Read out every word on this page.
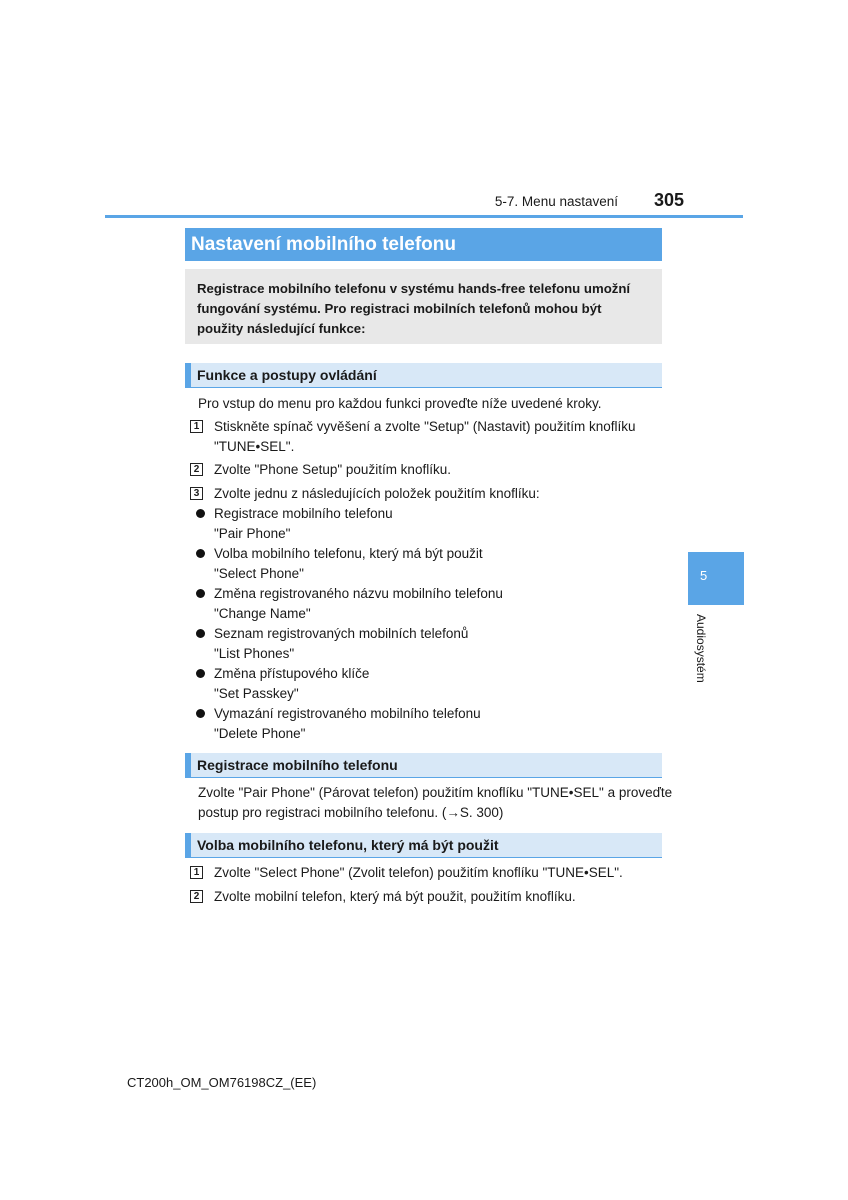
5-7. Menu nastavení	305
Nastavení mobilního telefonu
Registrace mobilního telefonu v systému hands-free telefonu umožní fungování systému. Pro registraci mobilních telefonů mohou být použity následující funkce:
Funkce a postupy ovládání
Pro vstup do menu pro každou funkci proveďte níže uvedené kroky.
1 Stiskněte spínač vyvěšení a zvolte "Setup" (Nastavit) použitím knoflíku "TUNE•SEL".
2 Zvolte "Phone Setup" použitím knoflíku.
3 Zvolte jednu z následujících položek použitím knoflíku:
Registrace mobilního telefonu
"Pair Phone"
Volba mobilního telefonu, který má být použit
"Select Phone"
Změna registrovaného názvu mobilního telefonu
"Change Name"
Seznam registrovaných mobilních telefonů
"List Phones"
Změna přístupového klíče
"Set Passkey"
Vymazání registrovaného mobilního telefonu
"Delete Phone"
Registrace mobilního telefonu
Zvolte "Pair Phone" (Párovat telefon) použitím knoflíku "TUNE•SEL" a proveďte
postup pro registraci mobilního telefonu. (→S. 300)
Volba mobilního telefonu, který má být použit
1 Zvolte "Select Phone" (Zvolit telefon) použitím knoflíku "TUNE•SEL".
2 Zvolte mobilní telefon, který má být použit, použitím knoflíku.
5
Audiosystém
CT200h_OM_OM76198CZ_(EE)
